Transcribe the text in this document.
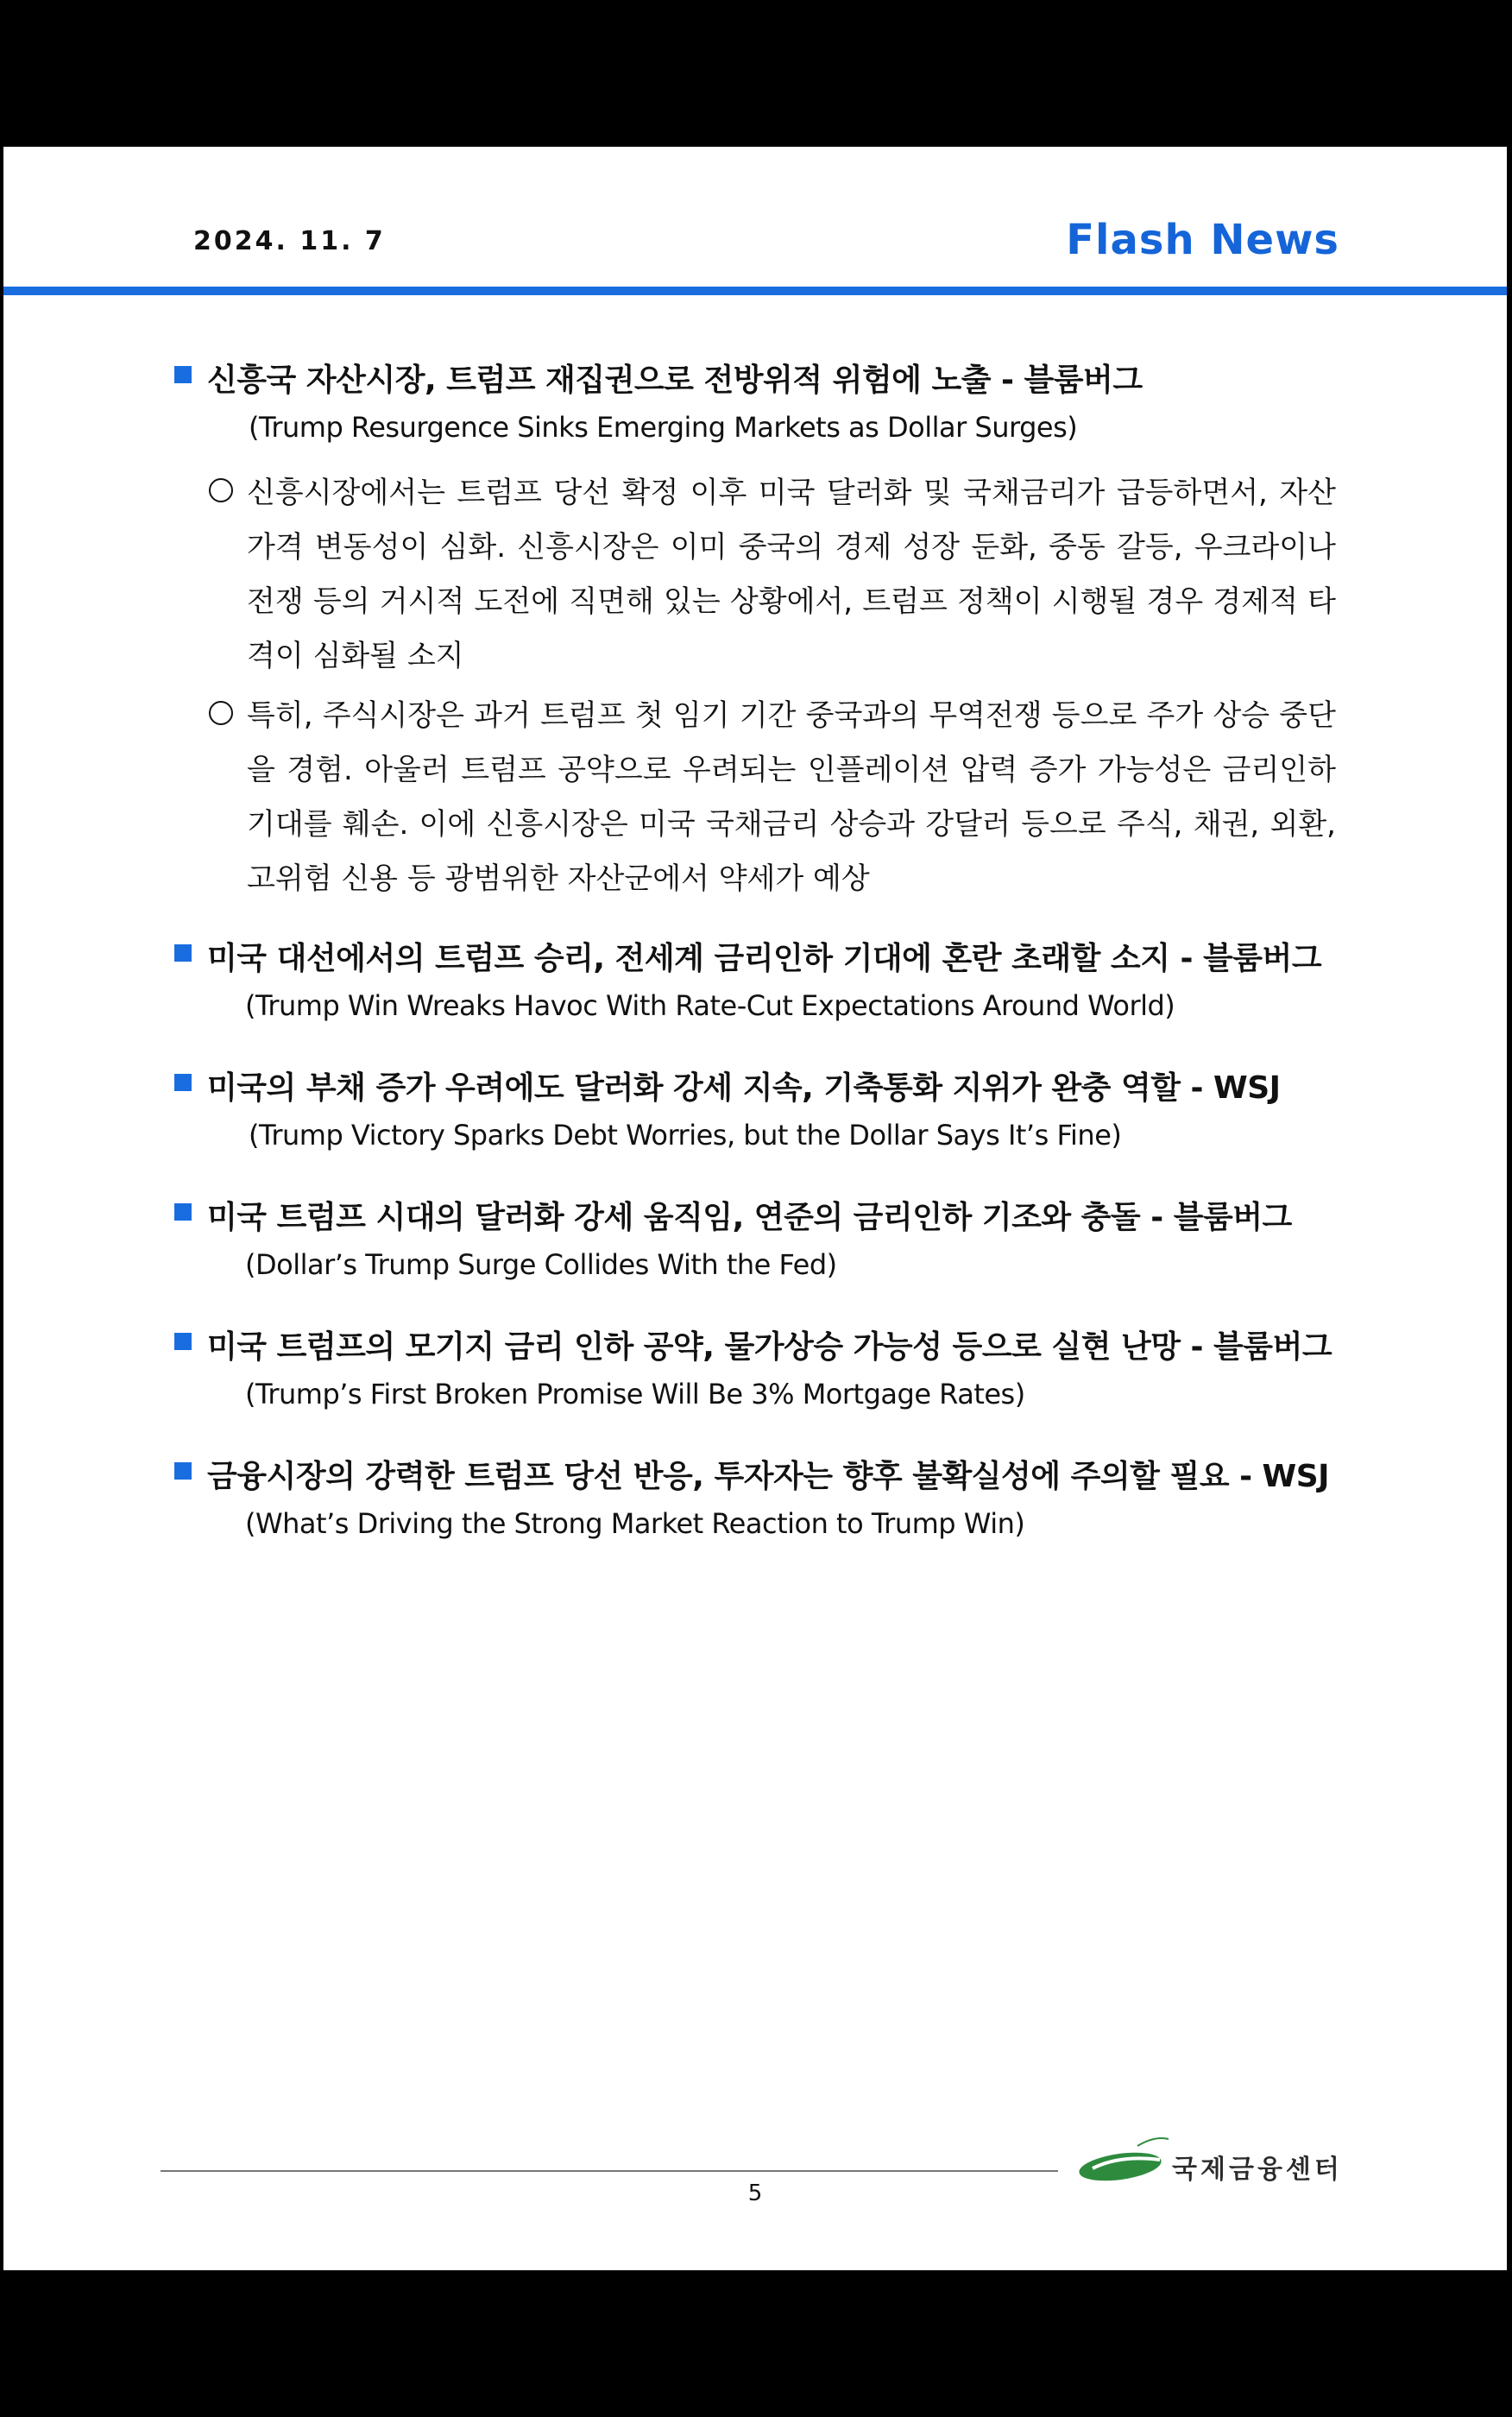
2024. 11. 7	Flash News
신흥국 자산시장, 트럼프 재집권으로 전방위적 위험에 노출 - 블룸버그
(Trump Resurgence Sinks Emerging Markets as Dollar Surges)
신흥시장에서는 트럼프 당선 확정 이후 미국 달러화 및 국채금리가 급등하면서, 자산가격 변동성이 심화. 신흥시장은 이미 중국의 경제 성장 둔화, 중동 갈등, 우크라이나 전쟁 등의 거시적 도전에 직면해 있는 상황에서, 트럼프 정책이 시행될 경우 경제적 타격이 심화될 소지
특히, 주식시장은 과거 트럼프 첫 임기 기간 중국과의 무역전쟁 등으로 주가 상승 중단을 경험. 아울러 트럼프 공약으로 우려되는 인플레이션 압력 증가 가능성은 금리인하 기대를 훼손. 이에 신흥시장은 미국 국채금리 상승과 강달러 등으로 주식, 채권, 외환, 고위험 신용 등 광범위한 자산군에서 약세가 예상
미국 대선에서의 트럼프 승리, 전세계 금리인하 기대에 혼란 초래할 소지 - 블룸버그
(Trump Win Wreaks Havoc With Rate-Cut Expectations Around World)
미국의 부채 증가 우려에도 달러화 강세 지속, 기축통화 지위가 완충 역할 - WSJ
(Trump Victory Sparks Debt Worries, but the Dollar Says It’s Fine)
미국 트럼프 시대의 달러화 강세 움직임, 연준의 금리인하 기조와 충돌 - 블룸버그
(Dollar’s Trump Surge Collides With the Fed)
미국 트럼프의 모기지 금리 인하 공약, 물가상승 가능성 등으로 실현 난망 - 블룸버그
(Trump’s First Broken Promise Will Be 3% Mortgage Rates)
금융시장의 강력한 트럼프 당선 반응, 투자자는 향후 불확실성에 주의할 필요 - WSJ
(What’s Driving the Strong Market Reaction to Trump Win)
국제금융센터
5
